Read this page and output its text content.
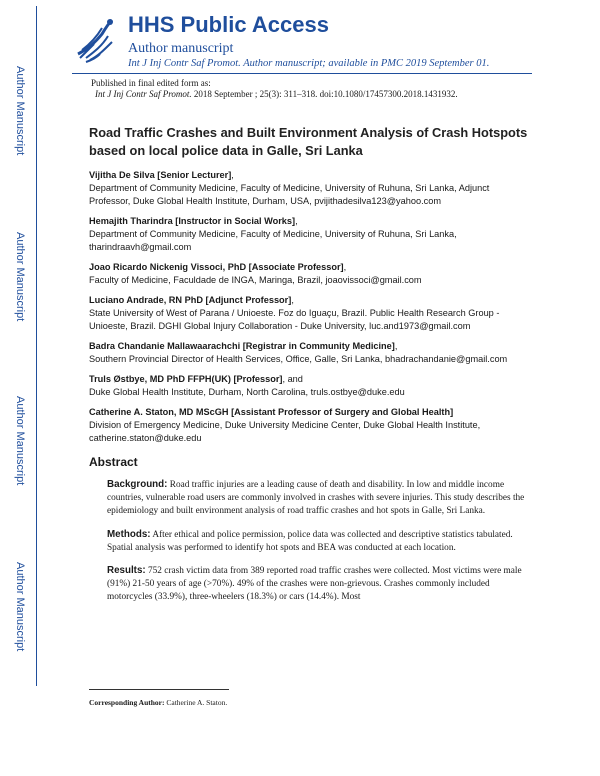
Author Manuscript
Author Manuscript
Author Manuscript
Author Manuscript
HHS Public Access
Author manuscript
Int J Inj Contr Saf Promot. Author manuscript; available in PMC 2019 September 01.
Published in final edited form as:
Int J Inj Contr Saf Promot. 2018 September ; 25(3): 311–318. doi:10.1080/17457300.2018.1431932.
Road Traffic Crashes and Built Environment Analysis of Crash Hotspots based on local police data in Galle, Sri Lanka
Vijitha De Silva [Senior Lecturer],
Department of Community Medicine, Faculty of Medicine, University of Ruhuna, Sri Lanka, Adjunct Professor, Duke Global Health Institute, Durham, USA, pvijithadesilva123@yahoo.com
Hemajith Tharindra [Instructor in Social Works],
Department of Community Medicine, Faculty of Medicine, University of Ruhuna, Sri Lanka, tharindraavh@gmail.com
Joao Ricardo Nickenig Vissoci, PhD [Associate Professor],
Faculty of Medicine, Faculdade de INGA, Maringa, Brazil, joaovissoci@gmail.com
Luciano Andrade, RN PhD [Adjunct Professor],
State University of West of Parana / Unioeste. Foz do Iguaçu, Brazil. Public Health Research Group - Unioeste, Brazil. DGHI Global Injury Collaboration - Duke University, luc.and1973@gmail.com
Badra Chandanie Mallawaarachchi [Registrar in Community Medicine],
Southern Provincial Director of Health Services, Office, Galle, Sri Lanka, bhadrachandanie@gmail.com
Truls Østbye, MD PhD FFPH(UK) [Professor], and
Duke Global Health Institute, Durham, North Carolina, truls.ostbye@duke.edu
Catherine A. Staton, MD MScGH [Assistant Professor of Surgery and Global Health]
Division of Emergency Medicine, Duke University Medicine Center, Duke Global Health Institute, catherine.staton@duke.edu
Abstract

Background: Road traffic injuries are a leading cause of death and disability. In low and middle income countries, vulnerable road users are commonly involved in crashes with severe injuries. This study describes the epidemiology and built environment analysis of road traffic crashes and hot spots in Galle, Sri Lanka.

Methods: After ethical and police permission, police data was collected and descriptive statistics tabulated. Spatial analysis was performed to identify hot spots and BEA was conducted at each location.

Results: 752 crash victim data from 389 reported road traffic crashes were collected. Most victims were male (91%) 21-50 years of age (>70%). 49% of the crashes were non-grievous. Crashes commonly included motorcycles (33.9%), three-wheelers (18.3%) or cars (14.4%). Most

Corresponding Author: Catherine A. Staton.
